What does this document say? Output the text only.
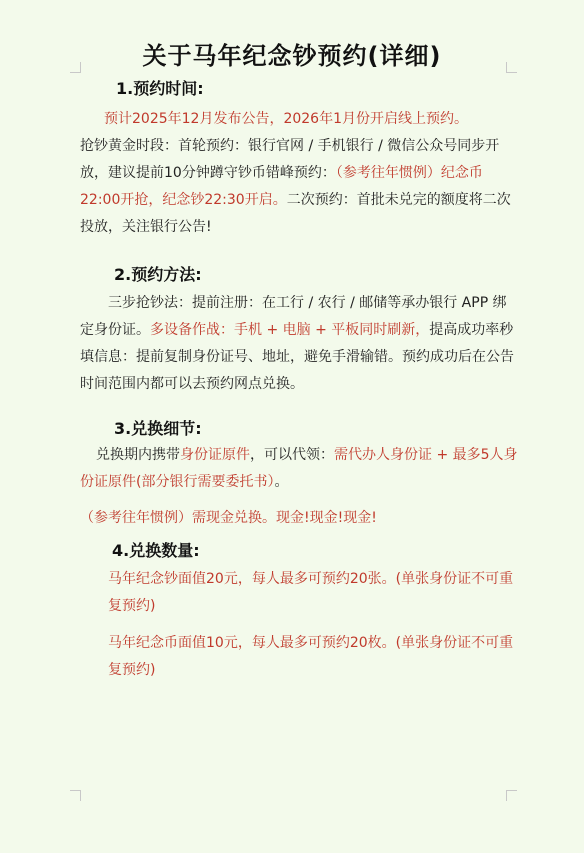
关于马年纪念钞预约(详细)
1.预约时间:

预计2025年12月发布公告，2026年1月份开启线上预约。

抢钞黄金时段：首轮预约：银行官网 / 手机银行 / 微信公众号同步开放，建议提前10分钟蹲守钞币错峰预约：（参考往年惯例）纪念币22:00开抢，纪念钞22:30开启。二次预约：首批未兑完的额度将二次投放，关注银行公告!

2.预约方法:

三步抢钞法：提前注册：在工行 / 农行 / 邮储等承办银行 APP 绑定身份证。多设备作战：手机 + 电脑 + 平板同时刷新，提高成功率秒填信息：提前复制身份证号、地址，避免手滑输错。预约成功后在公告时间范围内都可以去预约网点兑换。

3.兑换细节:

兑换期内携带身份证原件，可以代领：需代办人身份证 + 最多5人身份证原件(部分银行需要委托书）。

（参考往年惯例）需现金兑换。现金!现金!现金!

4.兑换数量:

马年纪念钞面值20元，每人最多可预约20张。(单张身份证不可重复预约)

马年纪念币面值10元，每人最多可预约20枚。(单张身份证不可重复预约)
